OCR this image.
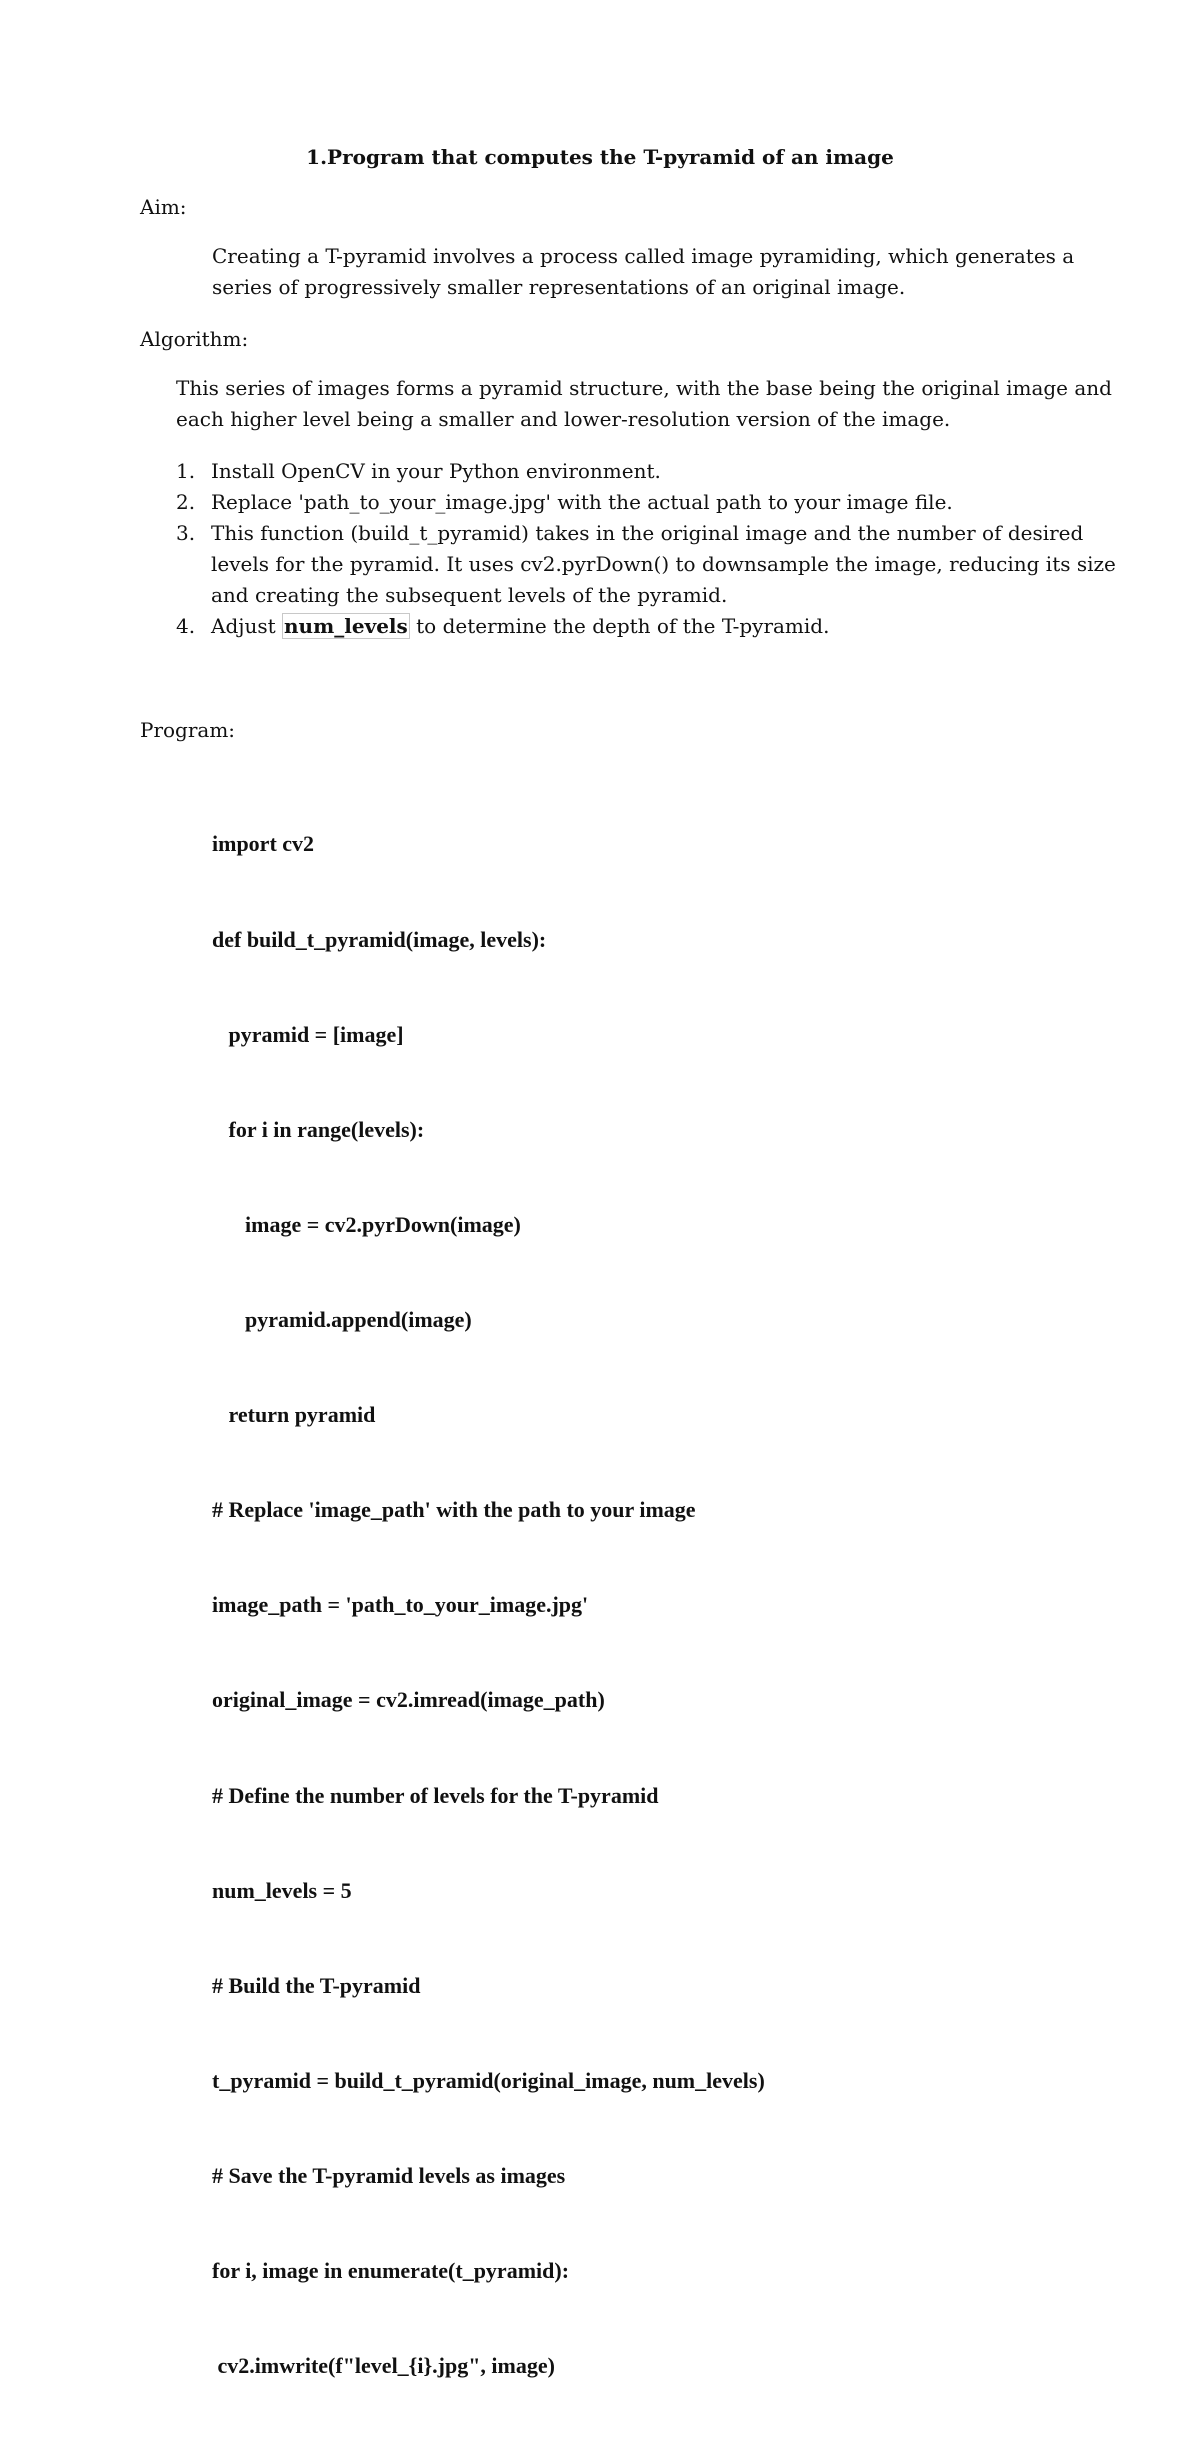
1.Program that computes the T-pyramid of an image
Aim:
Creating a T-pyramid involves a process called image pyramiding, which generates a
series of progressively smaller representations of an original image.
Algorithm:
This series of images forms a pyramid structure, with the base being the original image and
each higher level being a smaller and lower-resolution version of the image.
1. Install OpenCV in your Python environment.
2. Replace 'path_to_your_image.jpg' with the actual path to your image file.
3. This function (build_t_pyramid) takes in the original image and the number of desired
levels for the pyramid. It uses cv2.pyrDown() to downsample the image, reducing its size
and creating the subsequent levels of the pyramid.
4. Adjust num_levels to determine the depth of the T-pyramid.
Program:

import cv2

def build_t_pyramid(image, levels):

pyramid = [image]

for i in range(levels):

image = cv2.pyrDown(image)

pyramid.append(image)

return pyramid

# Replace 'image_path' with the path to your image

image_path = 'path_to_your_image.jpg'

original_image = cv2.imread(image_path)

# Define the number of levels for the T-pyramid

num_levels = 5

# Build the T-pyramid

t_pyramid = build_t_pyramid(original_image, num_levels)

# Save the T-pyramid levels as images

for i, image in enumerate(t_pyramid):

cv2.imwrite(f"level_{i}.jpg", image)
